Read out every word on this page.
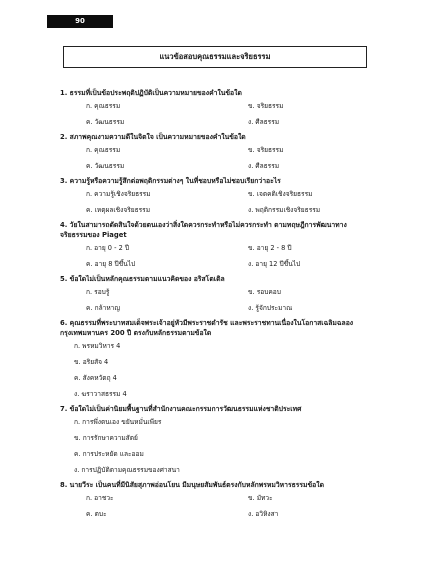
90
แนวข้อสอบคุณธรรมและจริยธรรม
1. ธรรมที่เป็นข้อประพฤติปฏิบัติเป็นความหมายของคำในข้อใด
ก. คุณธรรม	ข. จริยธรรม
ค. วัฒนธรรม	ง. ศีลธรรม
2. สภาพคุณงามความดีในจิตใจ เป็นความหมายของคำในข้อใด
ก. คุณธรรม	ข. จริยธรรม
ค. วัฒนธรรม	ง. ศีลธรรม
3. ความรู้หรือความรู้สึกต่อพฤติกรรมต่างๆ ในที่ชอบหรือไม่ชอบเรียกว่าอะไร
ก. ความรู้เชิงจริยธรรม	ข. เจตคติเชิงจริยธรรม
ค. เหตุผลเชิงจริยธรรม	ง. พฤติกรรมเชิงจริยธรรม
4. วัยในสามารถตัดสินใจด้วยตนเองว่าสิ่งใดควรกระทำหรือไม่ควรกระทำ ตามทฤษฎีการพัฒนาทาง
จริยธรรมของ Piaget
ก. อายุ 0 - 2 ปี	ข. อายุ 2 - 8 ปี
ค. อายุ 8 ปีขึ้นไป	ง. อายุ 12 ปีขึ้นไป
5. ข้อใดไม่เป็นหลักคุณธรรมตามแนวคิดของ อริสโตเติล
ก. รอบรู้	ข. รอบคอบ
ค. กล้าหาญ	ง. รู้จักประมาณ
6. คุณธรรมที่พระบาทสมเด็จพระเจ้าอยู่หัวมีพระราชดำรัช และพระราชทานเนื่องในโอกาสเฉลิมฉลอง
กรุงเทพมหานคร 200 ปี ตรงกับหลักธรรมตามข้อใด
ก. พรหมวิหาร 4
ข. อริยสัจ 4
ค. สังคหวัตถุ 4
ง. ฆราวาสธรรม 4
7. ข้อใดไม่เป็นค่านิยมพื้นฐานที่สำนักงานคณะกรรมการวัฒนธรรมแห่งชาติประเทศ
ก. การพึ่งตนเอง ขยันหมั่นเพียร
ข. การรักษาความสัตย์
ค. การประหยัด และออม
ง. การปฏิบัติตามคุณธรรมของศาสนา
8. นายวีระ เป็นคนที่มีนิสัยสุภาพอ่อนโยน มีมนุษยสัมพันธ์ตรงกับหลักพรหมวิหารธรรมข้อใด
ก. อาชวะ	ข. มัทวะ
ค. ตบะ	ง. อวิหิงสา
